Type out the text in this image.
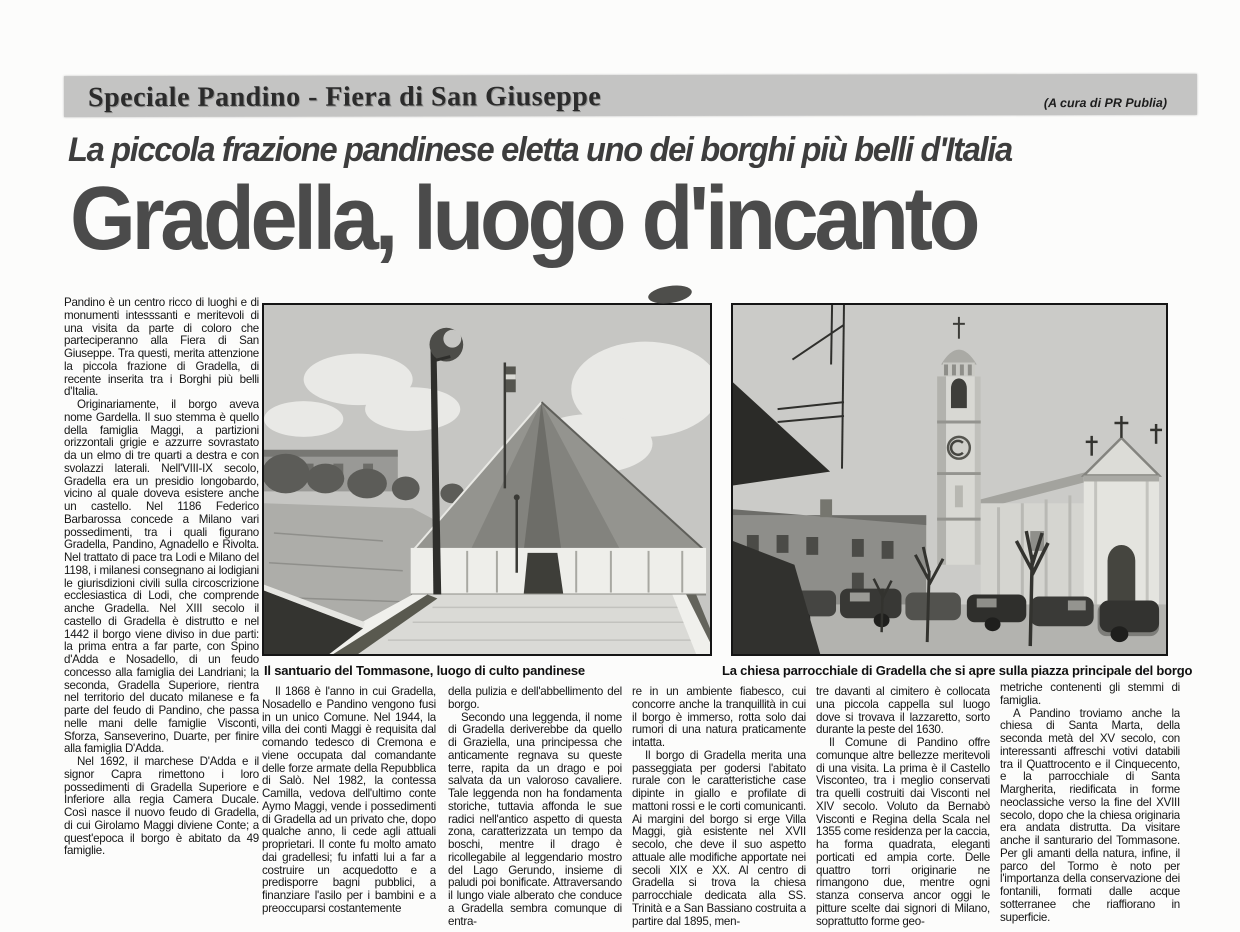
Speciale Pandino - Fiera di San Giuseppe	(A cura di PR Publia)
La piccola frazione pandinese eletta uno dei borghi più belli d'Italia
Gradella, luogo d'incanto

Pandino è un centro ricco di luoghi e di monumenti intesssanti e meritevoli di una visita da parte di coloro che parteciperanno alla Fiera di San Giuseppe. Tra questi, merita attenzione la piccola frazione di Gradella, di recente inserita tra i Borghi più belli d'Italia.

Originariamente, il borgo aveva nome Gardella. Il suo stemma è quello della famiglia Maggi, a partizioni orizzontali grigie e azzurre sovrastato da un elmo di tre quarti a destra e con svolazzi laterali. Nell'VIII-IX secolo, Gradella era un presidio longobardo, vicino al quale doveva esistere anche un castello. Nel 1186 Federico Barbarossa concede a Milano vari possedimenti, tra i quali figurano Gradella, Pandino, Agnadello e Rivolta. Nel trattato di pace tra Lodi e Milano del 1198, i milanesi consegnano ai lodigiani le giurisdizioni civili sulla circoscrizione ecclesiastica di Lodi, che comprende anche Gradella. Nel XIII secolo il castello di Gradella è distrutto e nel 1442 il borgo viene diviso in due parti: la prima entra a far parte, con Spino d'Adda e Nosadello, di un feudo concesso alla famiglia dei Landriani; la seconda, Gradella Superiore, rientra nel territorio del ducato milanese e fa parte del feudo di Pandino, che passa nelle mani delle famiglie Visconti, Sforza, Sanseverino, Duarte, per finire alla famiglia D'Adda.

Nel 1692, il marchese D'Adda e il signor Capra rimettono i loro possedimenti di Gradella Superiore e Inferiore alla regia Camera Ducale. Così nasce il nuovo feudo di Gradella, di cui Girolamo Maggi diviene Conte; a quest'epoca il borgo è abitato da 49 famiglie.

Il santuario del Tommasone, luogo di culto pandinese	La chiesa parrocchiale di Gradella che si apre sulla piazza principale del borgo

Il 1868 è l'anno in cui Gradella, Nosadello e Pandino vengono fusi in un unico Comune. Nel 1944, la villa dei conti Maggi è requisita dal comando tedesco di Cremona e viene occupata dal comandante delle forze armate della Repubblica di Salò. Nel 1982, la contessa Camilla, vedova dell'ultimo conte Aymo Maggi, vende i possedimenti di Gradella ad un privato che, dopo qualche anno, li cede agli attuali proprietari. Il conte fu molto amato dai gradellesi; fu infatti lui a far a costruire un acquedotto e a predisporre bagni pubblici, a finanziare l'asilo per i bambini e a preoccuparsi costantemente

della pulizia e dell'abbellimento del borgo.

Secondo una leggenda, il nome di Gradella deriverebbe da quello di Graziella, una principessa che anticamente regnava su queste terre, rapita da un drago e poi salvata da un valoroso cavaliere. Tale leggenda non ha fondamenta storiche, tuttavia affonda le sue radici nell'antico aspetto di questa zona, caratterizzata un tempo da boschi, mentre il drago è ricollegabile al leggendario mostro del Lago Gerundo, insieme di paludi poi bonificate. Attraversando il lungo viale alberato che conduce a Gradella sembra comunque di entra-

re in un ambiente fiabesco, cui concorre anche la tranquillità in cui il borgo è immerso, rotta solo dai rumori di una natura praticamente intatta.

Il borgo di Gradella merita una passeggiata per godersi l'abitato rurale con le caratteristiche case dipinte in giallo e profilate di mattoni rossi e le corti comunicanti. Ai margini del borgo si erge Villa Maggi, già esistente nel XVII secolo, che deve il suo aspetto attuale alle modifiche apportate nei secoli XIX e XX. Al centro di Gradella si trova la chiesa parrocchiale dedicata alla SS. Trinità e a San Bassiano costruita a partire dal 1895, men-

tre davanti al cimitero è collocata una piccola cappella sul luogo dove si trovava il lazzaretto, sorto durante la peste del 1630.

Il Comune di Pandino offre comunque altre bellezze meritevoli di una visita. La prima è il Castello Visconteo, tra i meglio conservati tra quelli costruiti dai Visconti nel XIV secolo. Voluto da Bernabò Visconti e Regina della Scala nel 1355 come residenza per la caccia, ha forma quadrata, eleganti porticati ed ampia corte. Delle quattro torri originarie ne rimangono due, mentre ogni stanza conserva ancor oggi le pitture scelte dai signori di Milano, soprattutto forme geo-

metriche contenenti gli stemmi di famiglia.

A Pandino troviamo anche la chiesa di Santa Marta, della seconda metà del XV secolo, con interessanti affreschi votivi databili tra il Quattrocento e il Cinquecento, e la parrocchiale di Santa Margherita, riedificata in forme neoclassiche verso la fine del XVIII secolo, dopo che la chiesa originaria era andata distrutta. Da visitare anche il santurario del Tommasone. Per gli amanti della natura, infine, il parco del Tormo è noto per l'importanza della conservazione dei fontanili, formati dalle acque sotterranee che riaffiorano in superficie.
